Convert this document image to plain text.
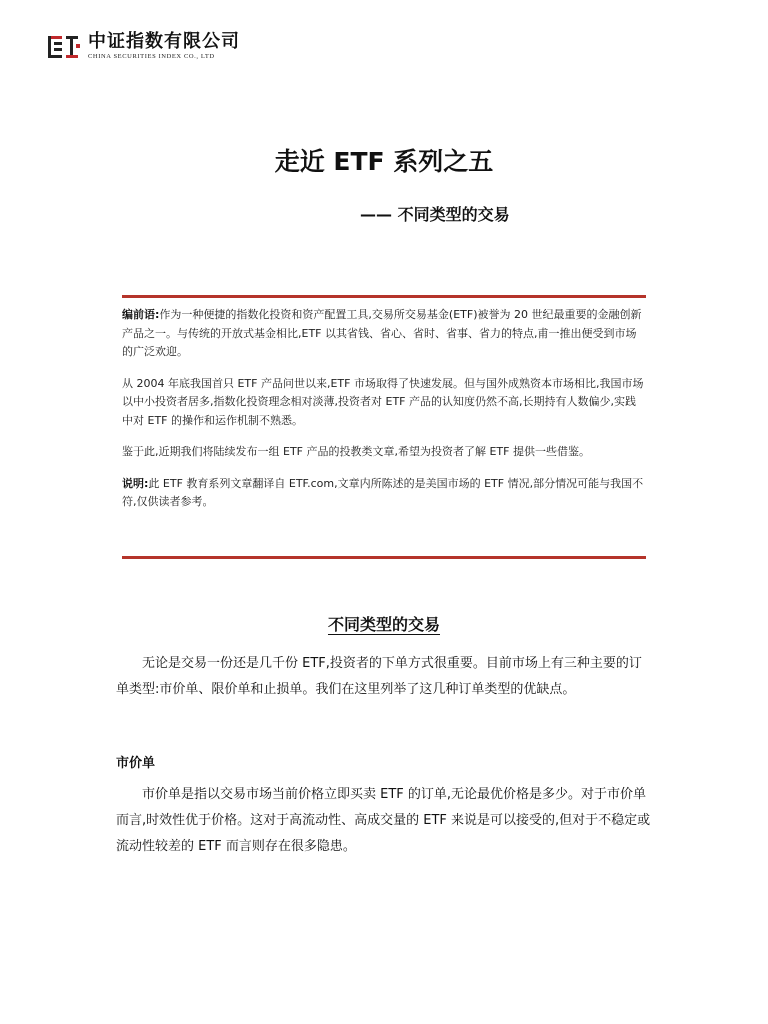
中证指数有限公司
CHINA SECURITIES INDEX CO., LTD
走近 ETF 系列之五
—— 不同类型的交易

编前语:作为一种便捷的指数化投资和资产配置工具,交易所交易基金(ETF)被誉为 20 世纪最重要的金融创新产品之一。与传统的开放式基金相比,ETF 以其省钱、省心、省时、省事、省力的特点,甫一推出便受到市场的广泛欢迎。

从 2004 年底我国首只 ETF 产品问世以来,ETF 市场取得了快速发展。但与国外成熟资本市场相比,我国市场以中小投资者居多,指数化投资理念相对淡薄,投资者对 ETF 产品的认知度仍然不高,长期持有人数偏少,实践中对 ETF 的操作和运作机制不熟悉。

鉴于此,近期我们将陆续发布一组 ETF 产品的投教类文章,希望为投资者了解 ETF 提供一些借鉴。

说明:此 ETF 教育系列文章翻译自 ETF.com,文章内所陈述的是美国市场的 ETF 情况,部分情况可能与我国不符,仅供读者参考。

不同类型的交易

无论是交易一份还是几千份 ETF,投资者的下单方式很重要。目前市场上有三种主要的订单类型:市价单、限价单和止损单。我们在这里列举了这几种订单类型的优缺点。

市价单

市价单是指以交易市场当前价格立即买卖 ETF 的订单,无论最优价格是多少。对于市价单而言,时效性优于价格。这对于高流动性、高成交量的 ETF 来说是可以接受的,但对于不稳定或流动性较差的 ETF 而言则存在很多隐患。
